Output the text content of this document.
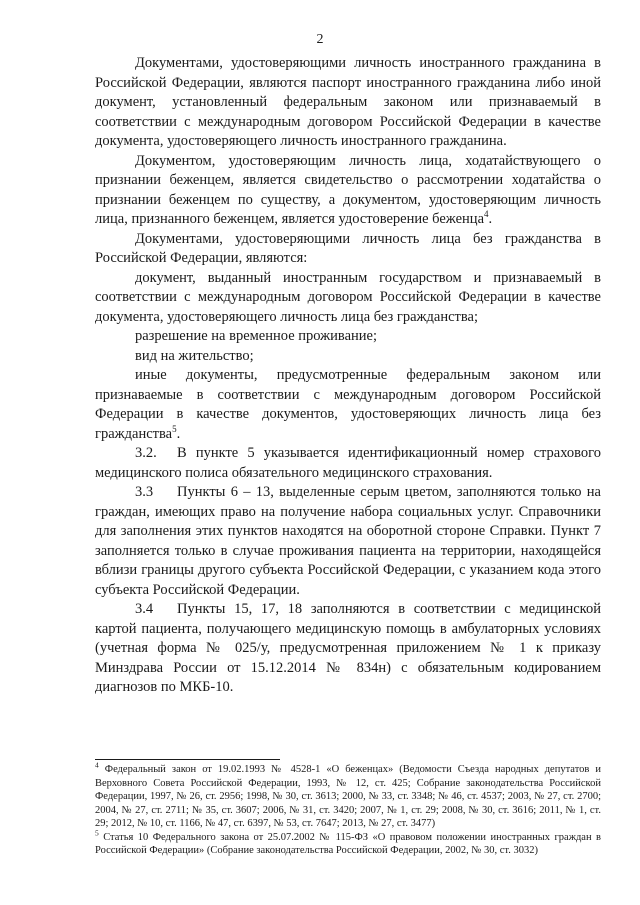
2

Документами, удостоверяющими личность иностранного гражданина в Российской Федерации, являются паспорт иностранного гражданина либо иной документ, установленный федеральным законом или признаваемый в соответствии с международным договором Российской Федерации в качестве документа, удостоверяющего личность иностранного гражданина.

Документом, удостоверяющим личность лица, ходатайствующего о признании беженцем, является свидетельство о рассмотрении ходатайства о признании беженцем по существу, а документом, удостоверяющим личность лица, признанного беженцем, является удостоверение беженца$^4$.

Документами, удостоверяющими личность лица без гражданства в Российской Федерации, являются:

документ, выданный иностранным государством и признаваемый в соответствии с международным договором Российской Федерации в качестве документа, удостоверяющего личность лица без гражданства;

разрешение на временное проживание;

вид на жительство;

иные документы, предусмотренные федеральным законом или признаваемые в соответствии с международным договором Российской Федерации в качестве документов, удостоверяющих личность лица без гражданства$^5$.

3.2. В пункте 5 указывается идентификационный номер страхового медицинского полиса обязательного медицинского страхования.

3.3 Пункты 6 – 13, выделенные серым цветом, заполняются только на граждан, имеющих право на получение набора социальных услуг. Справочники для заполнения этих пунктов находятся на оборотной стороне Справки. Пункт 7 заполняется только в случае проживания пациента на территории, находящейся вблизи границы другого субъекта Российской Федерации, с указанием кода этого субъекта Российской Федерации.

3.4 Пункты 15, 17, 18 заполняются в соответствии с медицинской картой пациента, получающего медицинскую помощь в амбулаторных условиях (учетная форма № 025/у, предусмотренная приложением № 1 к приказу Минздрава России от 15.12.2014 № 834н) с обязательным кодированием диагнозов по МКБ-10.

$^4$ Федеральный закон от 19.02.1993 № 4528-1 «О беженцах» (Ведомости Съезда народных депутатов и Верховного Совета Российской Федерации, 1993, № 12, ст. 425; Собрание законодательства Российской Федерации, 1997, № 26, ст. 2956; 1998, № 30, ст. 3613; 2000, № 33, ст. 3348; № 46, ст. 4537; 2003, № 27, ст. 2700; 2004, № 27, ст. 2711; № 35, ст. 3607; 2006, № 31, ст. 3420; 2007, № 1, ст. 29; 2008, № 30, ст. 3616; 2011, № 1, ст. 29; 2012, № 10, ст. 1166, № 47, ст. 6397, № 53, ст. 7647; 2013, № 27, ст. 3477)

$^5$ Статья 10 Федерального закона от 25.07.2002 № 115-ФЗ «О правовом положении иностранных граждан в Российской Федерации» (Собрание законодательства Российской Федерации, 2002, № 30, ст. 3032)
